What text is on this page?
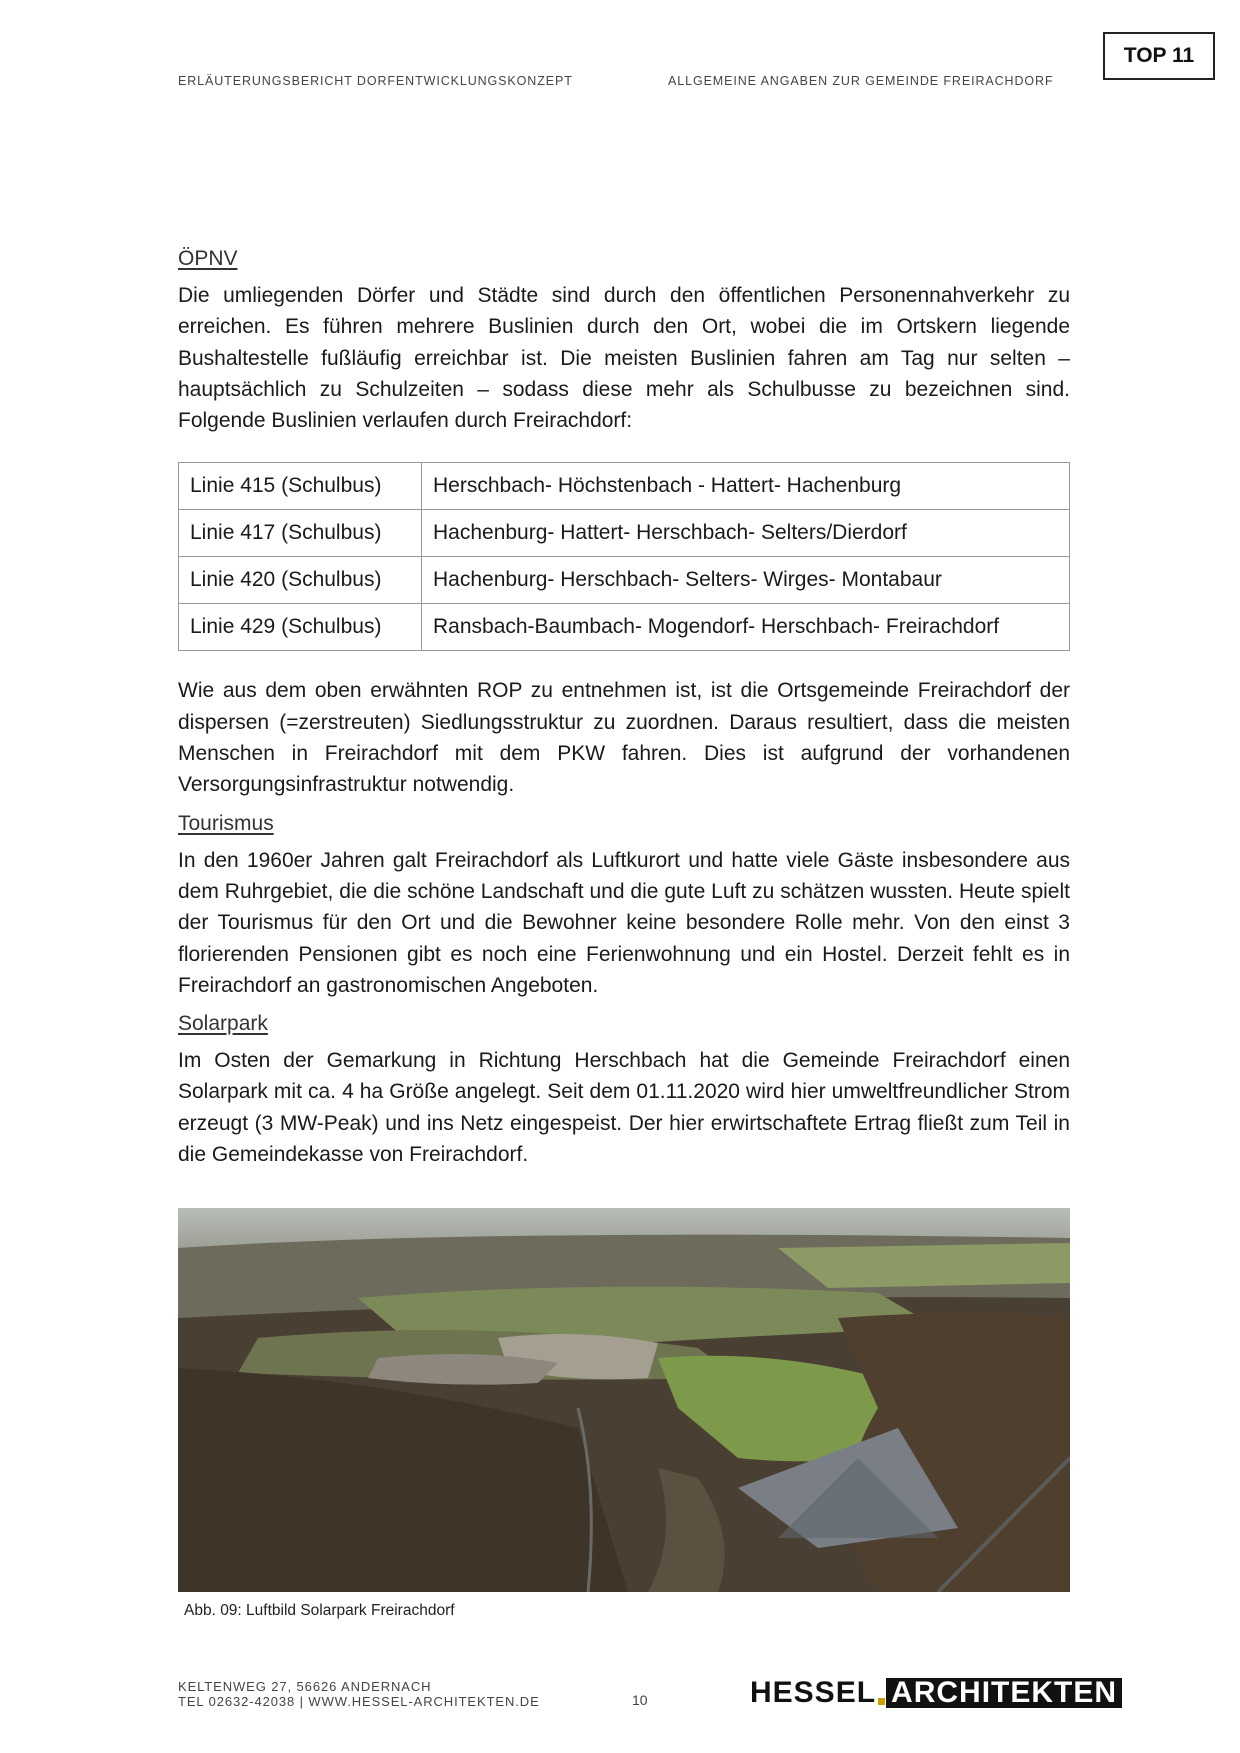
ERLÄUTERUNGSBERICHT DORFENTWICKLUNGSKONZEPT	ALLGEMEINE ANGABEN ZUR GEMEINDE FREIRACHDORF
TOP 11
ÖPNV

Die umliegenden Dörfer und Städte sind durch den öffentlichen Personennahverkehr zu erreichen. Es führen mehrere Buslinien durch den Ort, wobei die im Ortskern liegende Bushaltestelle fußläufig erreichbar ist. Die meisten Buslinien fahren am Tag nur selten –hauptsächlich zu Schulzeiten – sodass diese mehr als Schulbusse zu bezeichnen sind. Folgende Buslinien verlaufen durch Freirachdorf:

Linie 415 (Schulbus)	Herschbach- Höchstenbach - Hattert- Hachenburg
Linie 417 (Schulbus)	Hachenburg- Hattert- Herschbach- Selters/Dierdorf
Linie 420 (Schulbus)	Hachenburg- Herschbach- Selters- Wirges- Montabaur
Linie 429 (Schulbus)	Ransbach-Baumbach- Mogendorf- Herschbach- Freirachdorf

Wie aus dem oben erwähnten ROP zu entnehmen ist, ist die Ortsgemeinde Freirachdorf der dispersen (=zerstreuten) Siedlungsstruktur zu zuordnen. Daraus resultiert, dass die meisten Menschen in Freirachdorf mit dem PKW fahren. Dies ist aufgrund der vorhandenen Versorgungsinfrastruktur notwendig.

Tourismus

In den 1960er Jahren galt Freirachdorf als Luftkurort und hatte viele Gäste insbesondere aus dem Ruhrgebiet, die die schöne Landschaft und die gute Luft zu schätzen wussten. Heute spielt der Tourismus für den Ort und die Bewohner keine besondere Rolle mehr. Von den einst 3 florierenden Pensionen gibt es noch eine Ferienwohnung und ein Hostel. Derzeit fehlt es in Freirachdorf an gastronomischen Angeboten.

Solarpark

Im Osten der Gemarkung in Richtung Herschbach hat die Gemeinde Freirachdorf einen Solarpark mit ca. 4 ha Größe angelegt. Seit dem 01.11.2020 wird hier umweltfreundlicher Strom erzeugt (3 MW-Peak) und ins Netz eingespeist. Der hier erwirtschaftete Ertrag fließt zum Teil in die Gemeindekasse von Freirachdorf.

Abb. 09: Luftbild Solarpark Freirachdorf
KELTENWEG 27, 56626 ANDERNACH
TEL 02632-42038 | WWW.HESSEL-ARCHITEKTEN.DE	10	HESSEL ARCHITEKTEN
